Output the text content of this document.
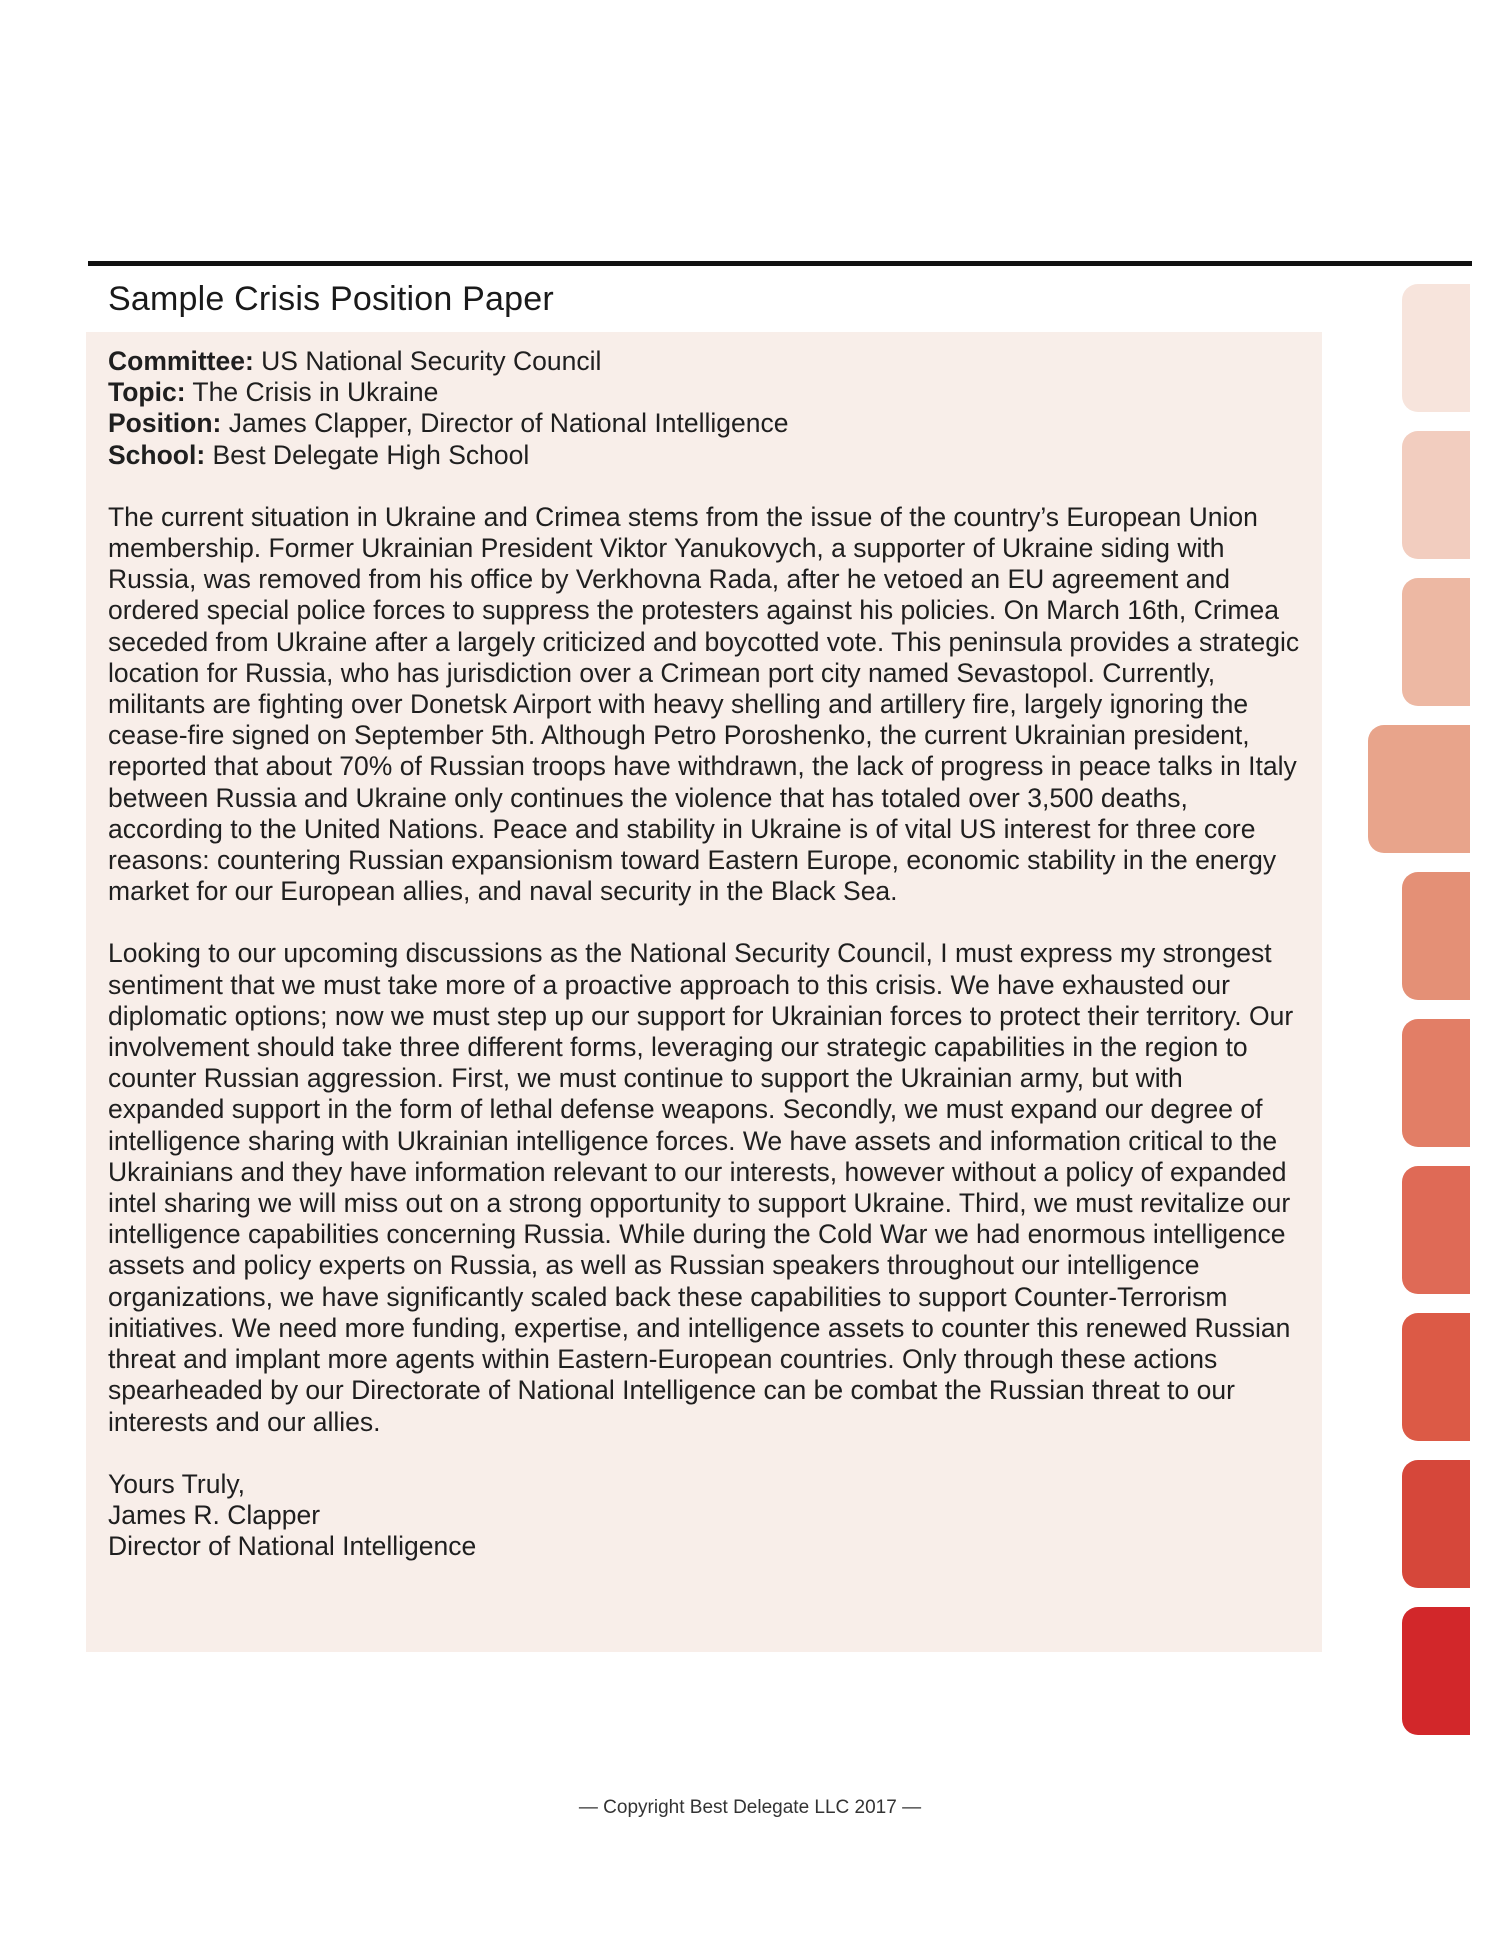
Sample Crisis Position Paper

Committee: US National Security Council

Topic: The Crisis in Ukraine

Position: James Clapper, Director of National Intelligence

School: Best Delegate High School

The current situation in Ukraine and Crimea stems from the issue of the country’s European Union membership. Former Ukrainian President Viktor Yanukovych, a supporter of Ukraine siding with Russia, was removed from his office by Verkhovna Rada, after he vetoed an EU agreement and ordered special police forces to suppress the protesters against his policies. On March 16th, Crimea seceded from Ukraine after a largely criticized and boycotted vote. This peninsula provides a strategic location for Russia, who has jurisdiction over a Crimean port city named Sevastopol. Currently, militants are fighting over Donetsk Airport with heavy shelling and artillery fire, largely ignoring the cease-fire signed on September 5th. Although Petro Poroshenko, the current Ukrainian president, reported that about 70% of Russian troops have withdrawn, the lack of progress in peace talks in Italy between Russia and Ukraine only continues the violence that has totaled over 3,500 deaths, according to the United Nations. Peace and stability in Ukraine is of vital US interest for three core reasons: countering Russian expansionism toward Eastern Europe, economic stability in the energy market for our European allies, and naval security in the Black Sea.

Looking to our upcoming discussions as the National Security Council, I must express my strongest sentiment that we must take more of a proactive approach to this crisis. We have exhausted our diplomatic options; now we must step up our support for Ukrainian forces to protect their territory. Our involvement should take three different forms, leveraging our strategic capabilities in the region to counter Russian aggression. First, we must continue to support the Ukrainian army, but with expanded support in the form of lethal defense weapons. Secondly, we must expand our degree of intelligence sharing with Ukrainian intelligence forces. We have assets and information critical to the Ukrainians and they have information relevant to our interests, however without a policy of expanded intel sharing we will miss out on a strong opportunity to support Ukraine. Third, we must revitalize our intelligence capabilities concerning Russia. While during the Cold War we had enormous intelligence assets and policy experts on Russia, as well as Russian speakers throughout our intelligence organizations, we have significantly scaled back these capabilities to support Counter-Terrorism initiatives. We need more funding, expertise, and intelligence assets to counter this renewed Russian threat and implant more agents within Eastern-European countries. Only through these actions spearheaded by our Directorate of National Intelligence can be combat the Russian threat to our interests and our allies.

Yours Truly,

James R. Clapper

Director of National Intelligence

— Copyright Best Delegate LLC 2017 —
